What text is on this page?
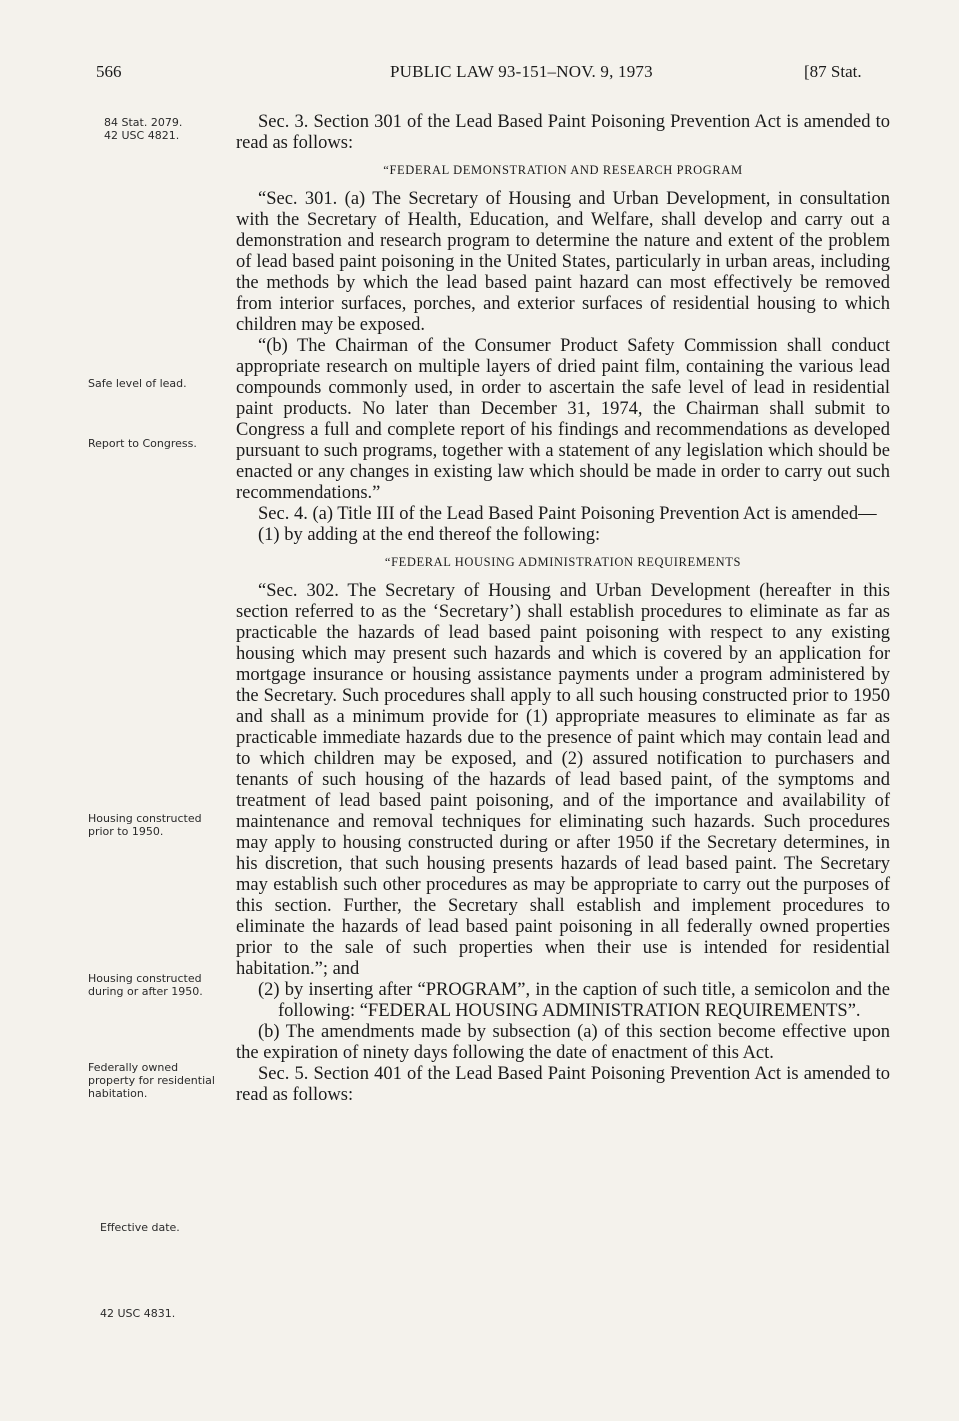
566	PUBLIC LAW 93-151–NOV. 9, 1973	[87 Stat.
84 Stat. 2079.
42 USC 4821.
Safe level of lead.
Report to Congress.
Housing constructed prior to 1950.
Housing constructed during or after 1950.
Federally owned property for residential habitation.
Effective date.
42 USC 4831.

Sec. 3. Section 301 of the Lead Based Paint Poisoning Prevention Act is amended to read as follows:

“FEDERAL DEMONSTRATION AND RESEARCH PROGRAM

“Sec. 301. (a) The Secretary of Housing and Urban Development, in consultation with the Secretary of Health, Education, and Welfare, shall develop and carry out a demonstration and research program to determine the nature and extent of the problem of lead based paint poisoning in the United States, particularly in urban areas, including the methods by which the lead based paint hazard can most effectively be removed from interior surfaces, porches, and exterior surfaces of residential housing to which children may be exposed.

“(b) The Chairman of the Consumer Product Safety Commission shall conduct appropriate research on multiple layers of dried paint film, containing the various lead compounds commonly used, in order to ascertain the safe level of lead in residential paint products. No later than December 31, 1974, the Chairman shall submit to Congress a full and complete report of his findings and recommendations as developed pursuant to such programs, together with a statement of any legislation which should be enacted or any changes in existing law which should be made in order to carry out such recommendations.”

Sec. 4. (a) Title III of the Lead Based Paint Poisoning Prevention Act is amended—

(1) by adding at the end thereof the following:

“FEDERAL HOUSING ADMINISTRATION REQUIREMENTS

“Sec. 302. The Secretary of Housing and Urban Development (hereafter in this section referred to as the ‘Secretary’) shall establish procedures to eliminate as far as practicable the hazards of lead based paint poisoning with respect to any existing housing which may present such hazards and which is covered by an application for mortgage insurance or housing assistance payments under a program administered by the Secretary. Such procedures shall apply to all such housing constructed prior to 1950 and shall as a minimum provide for (1) appropriate measures to eliminate as far as practicable immediate hazards due to the presence of paint which may contain lead and to which children may be exposed, and (2) assured notification to purchasers and tenants of such housing of the hazards of lead based paint, of the symptoms and treatment of lead based paint poisoning, and of the importance and availability of maintenance and removal techniques for eliminating such hazards. Such procedures may apply to housing constructed during or after 1950 if the Secretary determines, in his discretion, that such housing presents hazards of lead based paint. The Secretary may establish such other procedures as may be appropriate to carry out the purposes of this section. Further, the Secretary shall establish and implement procedures to eliminate the hazards of lead based paint poisoning in all federally owned properties prior to the sale of such properties when their use is intended for residential habitation.”; and

(2) by inserting after “PROGRAM”, in the caption of such title, a semicolon and the following: “FEDERAL HOUSING ADMINISTRATION REQUIREMENTS”.

(b) The amendments made by subsection (a) of this section become effective upon the expiration of ninety days following the date of enactment of this Act.

Sec. 5. Section 401 of the Lead Based Paint Poisoning Prevention Act is amended to read as follows:
